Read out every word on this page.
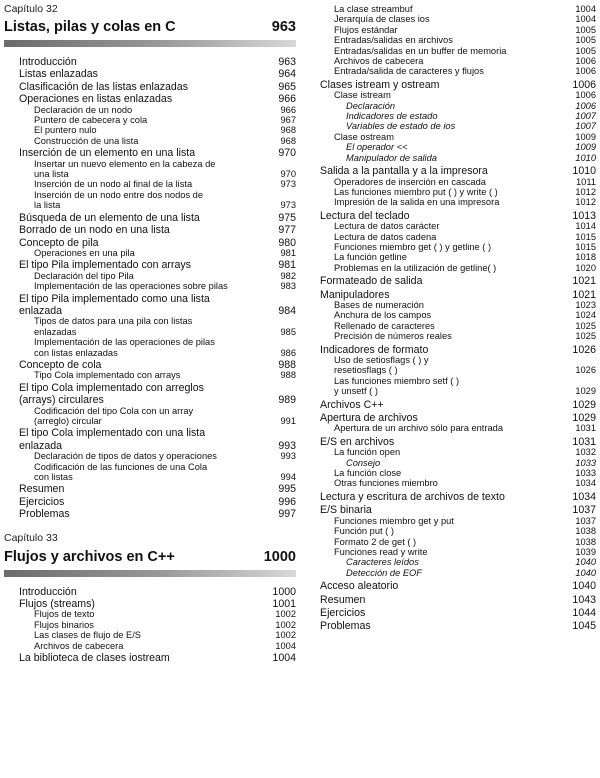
Capítulo 32
Listas, pilas y colas en C	963
Introducción	963
Listas enlazadas	964
Clasificación de las listas enlazadas	965
Operaciones en listas enlazadas	966
Declaración de un nodo	966
Puntero de cabecera y cola	967
El puntero nulo	968
Construcción de una lista	968
Inserción de un elemento en una lista	970
Insertar un nuevo elemento en la cabeza de
una lista	970
Inserción de un nodo al final de la lista	973
Inserción de un nodo entre dos nodos de
la lista	973
Búsqueda de un elemento de una lista	975
Borrado de un nodo en una lista	977
Concepto de pila	980
Operaciones en una pila	981
El tipo Pila implementado con arrays	981
Declaración del tipo Pila	982
Implementación de las operaciones sobre pilas	983
El tipo Pila implementado como una lista
enlazada	984
Tipos de datos para una pila con listas
enlazadas	985
Implementación de las operaciones de pilas
con listas enlazadas	986
Concepto de cola	988
Tipo Cola implementado con arrays	988
El tipo Cola implementado con arreglos
(arrays) circulares	989
Codificación del tipo Cola con un array
(arreglo) circular	991
El tipo Cola implementado con una lista
enlazada	993
Declaración de tipos de datos y operaciones	993
Codificación de las funciones de una Cola
con listas	994
Resumen	995
Ejercicios	996
Problemas	997
Capítulo 33
Flujos y archivos en C++	1000
Introducción	1000
Flujos (streams)	1001
Flujos de texto	1002
Flujos binarios	1002
Las clases de flujo de E/S	1002
Archivos de cabecera	1004
La biblioteca de clases iostream	1004
La clase streambuf	1004
Jerarquía de clases ios	1004
Flujos estándar	1005
Entradas/salidas en archivos	1005
Entradas/salidas en un buffer de memoria	1005
Archivos de cabecera	1006
Entrada/salida de caracteres y flujos	1006
Clases istream y ostream	1006
Clase istream	1006
Declaración	1006
Indicadores de estado	1007
Variables de estado de ios	1007
Clase ostream	1009
El operador <<	1009
Manipulador de salida	1010
Salida a la pantalla y a la impresora	1010
Operadores de inserción en cascada	1011
Las funciones miembro put ( ) y write ( )	1012
Impresión de la salida en una impresora	1012
Lectura del teclado	1013
Lectura de datos carácter	1014
Lectura de datos cadena	1015
Funciones miembro get ( ) y getline ( )	1015
La función getline	1018
Problemas en la utilización de getline( )	1020
Formateado de salida	1021
Manipuladores	1021
Bases de numeración	1023
Anchura de los campos	1024
Rellenado de caracteres	1025
Precisión de números reales	1025
Indicadores de formato	1026
Uso de setiosflags ( ) y
resetiosflags ( )	1026
Las funciones miembro setf ( )
y unsetf ( )	1029
Archivos C++	1029
Apertura de archivos	1029
Apertura de un archivo sólo para entrada	1031
E/S en archivos	1031
La función open	1032
Consejo	1033
La función close	1033
Otras funciones miembro	1034
Lectura y escritura de archivos de texto	1034
E/S binaria	1037
Funciones miembro get y put	1037
Función put ( )	1038
Formato 2 de get ( )	1038
Funciones read y write	1039
Caracteres leídos	1040
Detección de EOF	1040
Acceso aleatorio	1040
Resumen	1043
Ejercicios	1044
Problemas	1045
